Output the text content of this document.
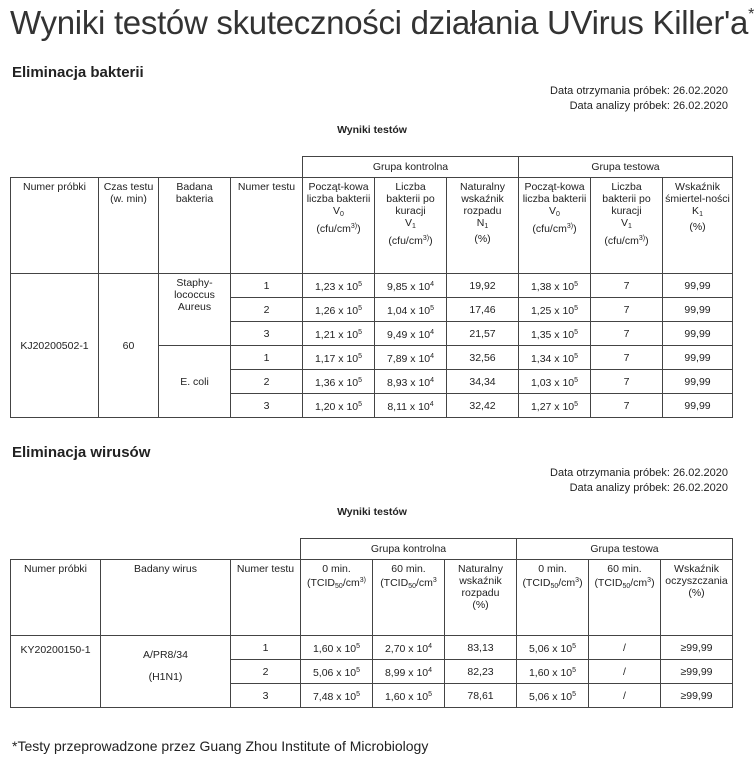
Wyniki testów skuteczności działania UVirus Killer'a*
Eliminacja bakterii
Data otrzymania próbek: 26.02.2020
Data analizy próbek: 26.02.2020
Wyniki testów
				Grupa kontrolna			Grupa testowa		
Numer próbki	Czas testu (w. min)	Badana bakteria	Numer testu	Począt-kowa liczba bakterii
$V_0$
$(cfu/cm^{3)})$	Liczba bakterii po kuracji
$V_1$
$(cfu/cm^{3)})$	Naturalny wskaźnik rozpadu
$N_1$
(%)	Począt-kowa liczba bakterii
$V_0$
$(cfu/cm^{3)})$	Liczba bakterii po kuracji
$V_1$
$(cfu/cm^{3)})$	Wskaźnik śmiertel-ności
$K_1$
(%)
KJ20200502-1	60	Staphy-lococcus Aureus	1	1,23 x $10^5$	9,85 x $10^4$	19,92	1,38 x $10^5$	7	99,99
			2	1,26 x $10^5$	1,04 x $10^5$	17,46	1,25 x $10^5$	7	99,99
			3	1,21 x $10^5$	9,49 x $10^4$	21,57	1,35 x $10^5$	7	99,99
		E. coli	1	1,17 x $10^5$	7,89 x $10^4$	32,56	1,34 x $10^5$	7	99,99
			2	1,36 x $10^5$	8,93 x $10^4$	34,34	1,03 x $10^5$	7	99,99
			3	1,20 x $10^5$	8,11 x $10^4$	32,42	1,27 x $10^5$	7	99,99
Eliminacja wirusów
Data otrzymania próbek: 26.02.2020
Data analizy próbek: 26.02.2020
Wyniki testów
			Grupa kontrolna			Grupa testowa		
Numer próbki	Badany wirus	Numer testu	0 min.
($TCID_{50}/cm^{3)}$	60 min.
($TCID_{50}/cm^3$	Naturalny wskaźnik rozpadu
(%)	0 min.
$(TCID_{50}/cm^3)$	60 min.
$(TCID_{50}/cm^3)$	Wskaźnik oczyszczania
(%)
KY20200150-1	A/PR8/34
(H1N1)	1	1,60 x $10^5$	2,70 x $10^4$	83,13	5,06 x $10^5$	/	≥99,99
		2	5,06 x $10^5$	8,99 x $10^4$	82,23	1,60 x $10^5$	/	≥99,99
		3	7,48 x $10^5$	1,60 x $10^5$	78,61	5,06 x $10^5$	/	≥99,99
*Testy przeprowadzone przez Guang Zhou Institute of Microbiology
